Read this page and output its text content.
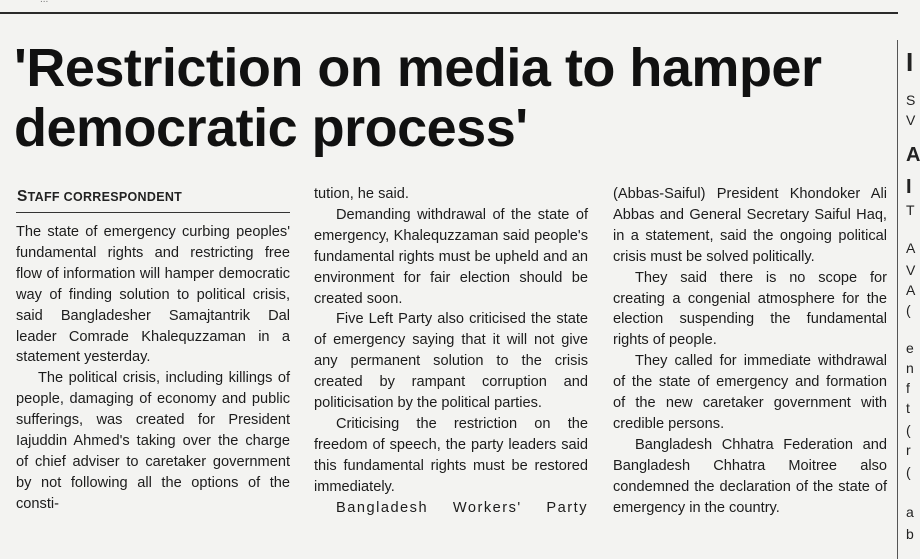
'Restriction on media to hamper democratic process'
STAFF CORRESPONDENT

The state of emergency curbing peoples' fundamental rights and restricting free flow of information will hamper democratic way of finding solution to political crisis, said Bangladesher Samajtantrik Dal leader Comrade Khalequzzaman in a statement yesterday.

The political crisis, including killings of people, damaging of economy and public sufferings, was created for President Iajuddin Ahmed's taking over the charge of chief adviser to caretaker government by not following all the options of the consti-

tution, he said.

Demanding withdrawal of the state of emergency, Khalequzzaman said people's fundamental rights must be upheld and an environment for fair election should be created soon.

Five Left Party also criticised the state of emergency saying that it will not give any permanent solution to the crisis created by rampant corruption and politicisation by the political parties.

Criticising the restriction on the freedom of speech, the party leaders said this fundamental rights must be restored immediately.

Bangladesh Workers' Party

(Abbas-Saiful) President Khondoker Ali Abbas and General Secretary Saiful Haq, in a statement, said the ongoing political crisis must be solved politically.

They said there is no scope for creating a congenial atmosphere for the election suspending the fundamental rights of people.

They called for immediate withdrawal of the state of emergency and formation of the new caretaker government with credible persons.

Bangladesh Chhatra Federation and Bangladesh Chhatra Moitree also condemned the declaration of the state of emergency in the country.

I
S
V
A
I
T
A
V
A
(
e
n
f
t
(
r
(
a
b
